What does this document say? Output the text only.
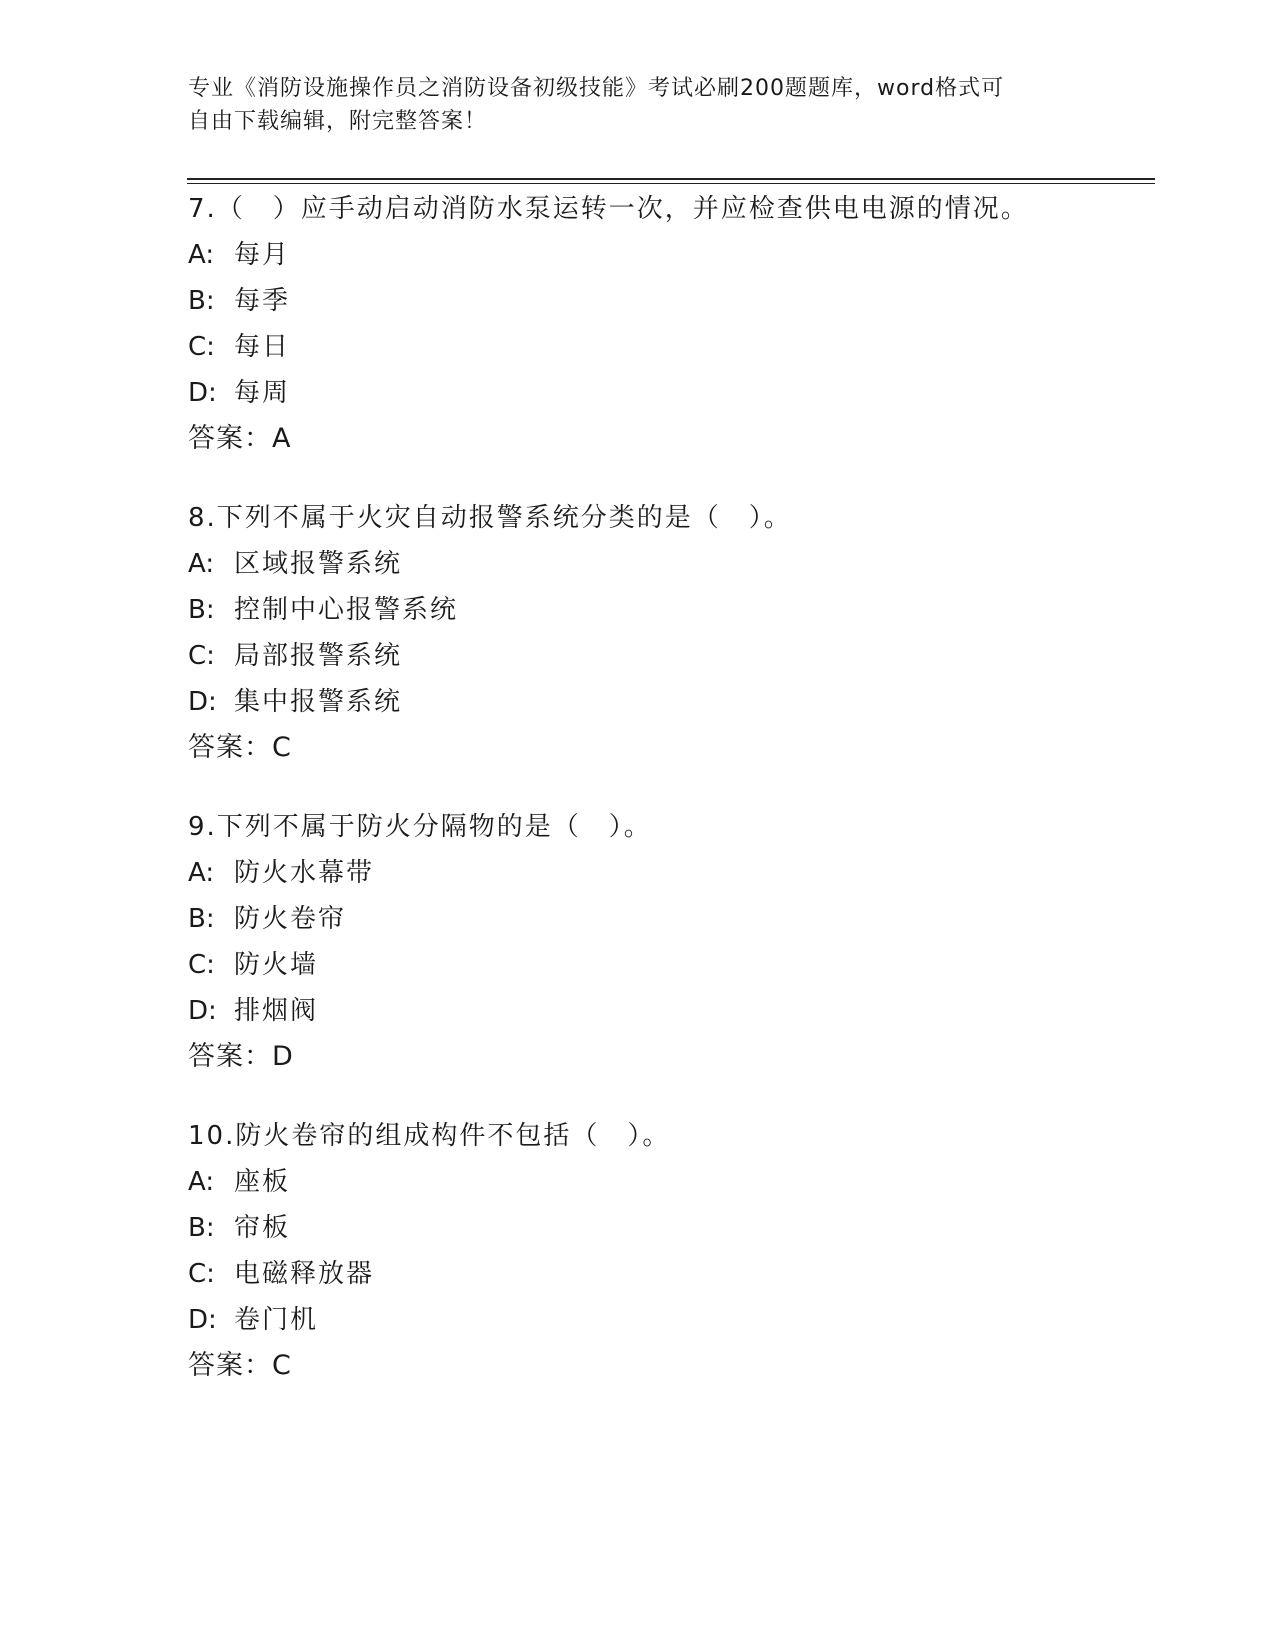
专业《消防设施操作员之消防设备初级技能》考试必刷200题题库，word格式可
自由下载编辑，附完整答案！
7.（　）应手动启动消防水泵运转一次，并应检查供电电源的情况。
A: 每月
B: 每季
C: 每日
D: 每周
答案：A
8.下列不属于火灾自动报警系统分类的是（　）。
A: 区域报警系统
B: 控制中心报警系统
C: 局部报警系统
D: 集中报警系统
答案：C
9.下列不属于防火分隔物的是（　）。
A: 防火水幕带
B: 防火卷帘
C: 防火墙
D: 排烟阀
答案：D
10.防火卷帘的组成构件不包括（　）。
A: 座板
B: 帘板
C: 电磁释放器
D: 卷门机
答案：C
